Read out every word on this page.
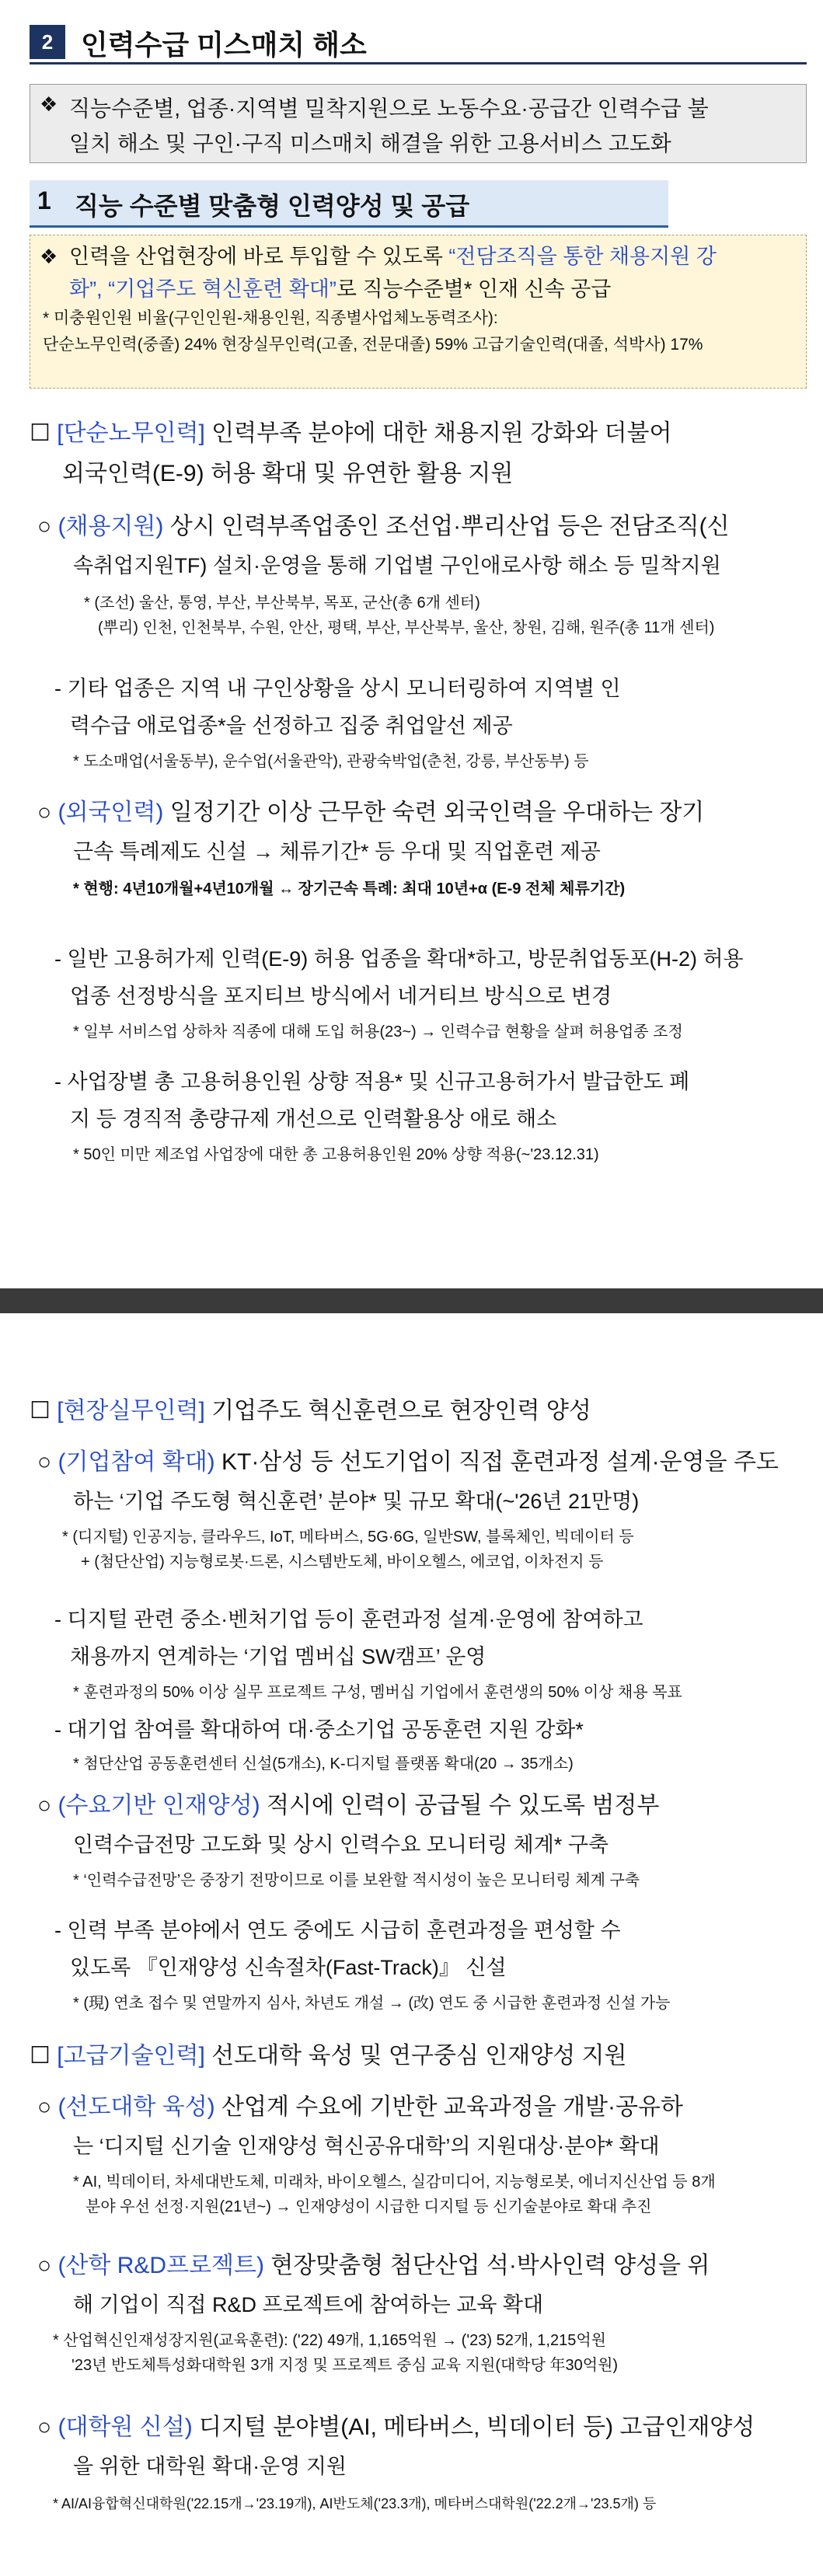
2 인력수급 미스매치 해소
❖ 직능수준별, 업종·지역별 밀착지원으로 노동수요·공급간 인력수급 불
일치 해소 및 구인·구직 미스매치 해결을 위한 고용서비스 고도화
1 직능 수준별 맞춤형 인력양성 및 공급
❖ 인력을 산업현장에 바로 투입할 수 있도록 “전담조직을 통한 채용지원 강
화”, “기업주도 혁신훈련 확대”로 직능수준별* 인재 신속 공급
* 미충원인원 비율(구인인원-채용인원, 직종별사업체노동력조사):
단순노무인력(중졸) 24% 현장실무인력(고졸, 전문대졸) 59% 고급기술인력(대졸, 석박사) 17%
☐ [단순노무인력] 인력부족 분야에 대한 채용지원 강화와 더불어
외국인력(E-9) 허용 확대 및 유연한 활용 지원
○ (채용지원) 상시 인력부족업종인 조선업·뿌리산업 등은 전담조직(신
속취업지원TF) 설치·운영을 통해 기업별 구인애로사항 해소 등 밀착지원
* (조선) 울산, 통영, 부산, 부산북부, 목포, 군산(총 6개 센터)
(뿌리) 인천, 인천북부, 수원, 안산, 평택, 부산, 부산북부, 울산, 창원, 김해, 원주(총 11개 센터)
- 기타 업종은 지역 내 구인상황을 상시 모니터링하여 지역별 인
력수급 애로업종*을 선정하고 집중 취업알선 제공
* 도소매업(서울동부), 운수업(서울관악), 관광숙박업(춘천, 강릉, 부산동부) 등
○ (외국인력) 일정기간 이상 근무한 숙련 외국인력을 우대하는 장기
근속 특례제도 신설 → 체류기간* 등 우대 및 직업훈련 제공
* 현행: 4년10개월+4년10개월 ↔ 장기근속 특례: 최대 10년+α (E-9 전체 체류기간)
- 일반 고용허가제 인력(E-9) 허용 업종을 확대*하고, 방문취업동포(H-2) 허용
업종 선정방식을 포지티브 방식에서 네거티브 방식으로 변경
* 일부 서비스업 상하차 직종에 대해 도입 허용(23~) → 인력수급 현황을 살펴 허용업종 조정
- 사업장별 총 고용허용인원 상향 적용* 및 신규고용허가서 발급한도 폐
지 등 경직적 총량규제 개선으로 인력활용상 애로 해소
* 50인 미만 제조업 사업장에 대한 총 고용허용인원 20% 상향 적용(~'23.12.31)
☐ [현장실무인력] 기업주도 혁신훈련으로 현장인력 양성
○ (기업참여 확대) KT·삼성 등 선도기업이 직접 훈련과정 설계·운영을 주도
하는 ‘기업 주도형 혁신훈련’ 분야* 및 규모 확대(~'26년 21만명)
* (디지털) 인공지능, 클라우드, IoT, 메타버스, 5G·6G, 일반SW, 블록체인, 빅데이터 등
+ (첨단산업) 지능형로봇·드론, 시스템반도체, 바이오헬스, 에코업, 이차전지 등
- 디지털 관련 중소·벤처기업 등이 훈련과정 설계·운영에 참여하고
채용까지 연계하는 ‘기업 멤버십 SW캠프’ 운영
* 훈련과정의 50% 이상 실무 프로젝트 구성, 멤버십 기업에서 훈련생의 50% 이상 채용 목표
- 대기업 참여를 확대하여 대·중소기업 공동훈련 지원 강화*
* 첨단산업 공동훈련센터 신설(5개소), K-디지털 플랫폼 확대(20 → 35개소)
○ (수요기반 인재양성) 적시에 인력이 공급될 수 있도록 범정부
인력수급전망 고도화 및 상시 인력수요 모니터링 체계* 구축
* ‘인력수급전망’은 중장기 전망이므로 이를 보완할 적시성이 높은 모니터링 체계 구축
- 인력 부족 분야에서 연도 중에도 시급히 훈련과정을 편성할 수
있도록 『인재양성 신속절차(Fast-Track)』 신설
* (現) 연초 접수 및 연말까지 심사, 차년도 개설 → (改) 연도 중 시급한 훈련과정 신설 가능
☐ [고급기술인력] 선도대학 육성 및 연구중심 인재양성 지원
○ (선도대학 육성) 산업계 수요에 기반한 교육과정을 개발·공유하
는 ‘디지털 신기술 인재양성 혁신공유대학’의 지원대상·분야* 확대
* AI, 빅데이터, 차세대반도체, 미래차, 바이오헬스, 실감미디어, 지능형로봇, 에너지신산업 등 8개
분야 우선 선정·지원(21년~) → 인재양성이 시급한 디지털 등 신기술분야로 확대 추진
○ (산학 R&D프로젝트) 현장맞춤형 첨단산업 석·박사인력 양성을 위
해 기업이 직접 R&D 프로젝트에 참여하는 교육 확대
* 산업혁신인재성장지원(교육훈련): ('22) 49개, 1,165억원 → ('23) 52개, 1,215억원
'23년 반도체특성화대학원 3개 지정 및 프로젝트 중심 교육 지원(대학당 年30억원)
○ (대학원 신설) 디지털 분야별(AI, 메타버스, 빅데이터 등) 고급인재양성
을 위한 대학원 확대·운영 지원
* AI/AI융합혁신대학원('22.15개→'23.19개), AI반도체('23.3개), 메타버스대학원('22.2개→'23.5개) 등
